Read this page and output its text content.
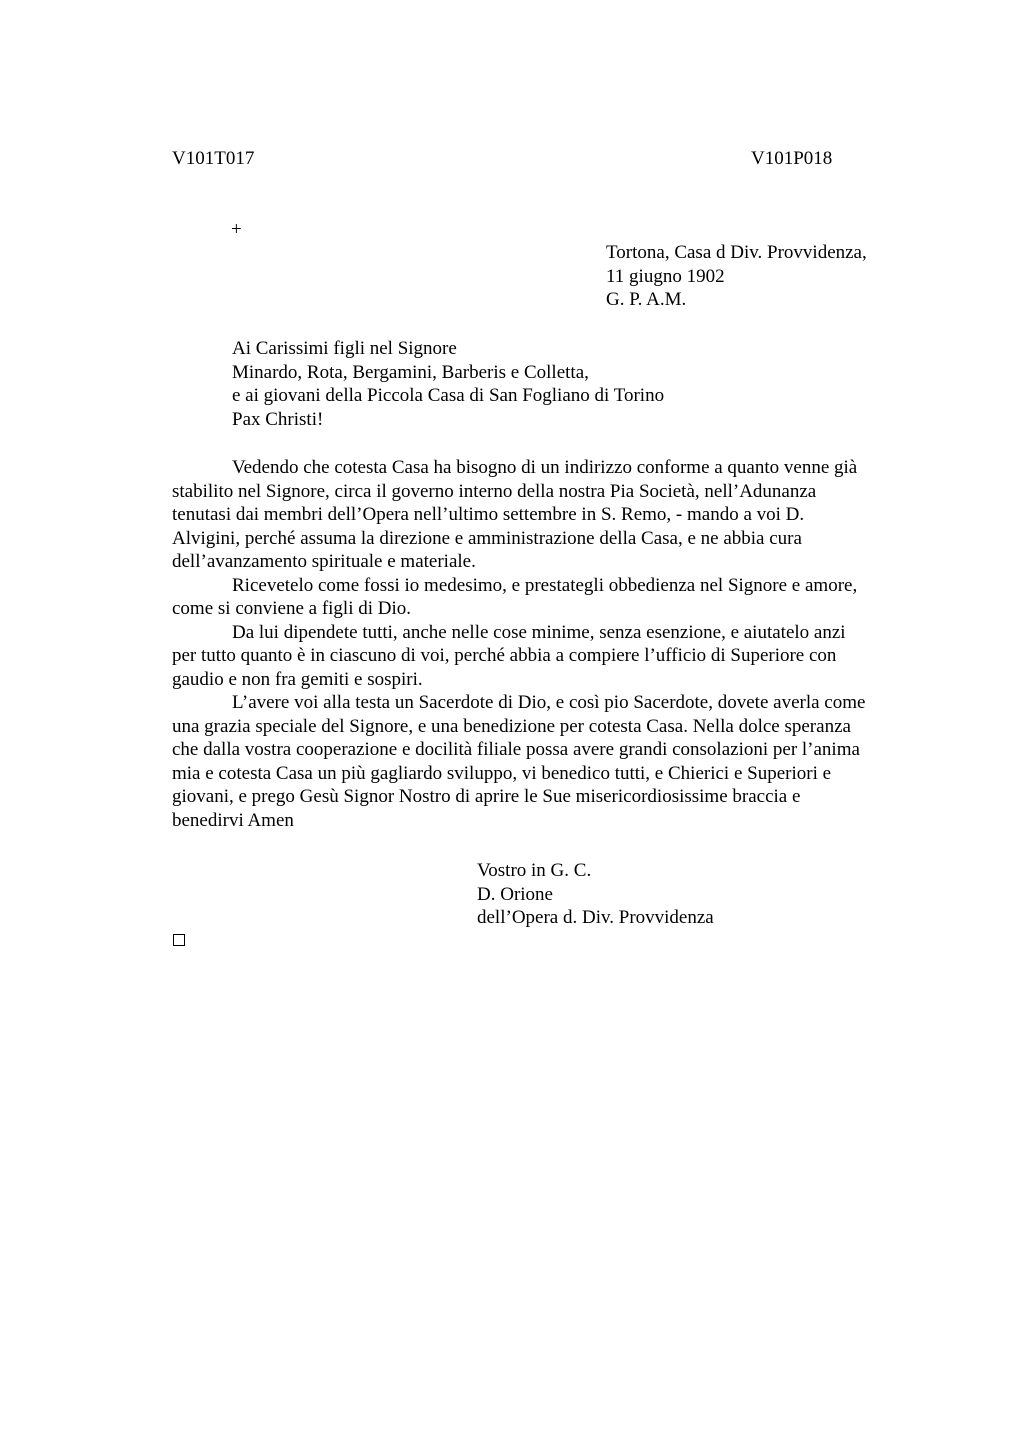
V101T017	V101P018
+
Tortona, Casa d Div. Provvidenza,
11 giugno 1902
G. P. A.M.
Ai Carissimi figli nel Signore
Minardo, Rota, Bergamini, Barberis e Colletta,
e ai giovani della Piccola Casa di San Fogliano di Torino
Pax Christi!
Vedendo che cotesta Casa ha bisogno di un indirizzo conforme a quanto venne già
stabilito nel Signore, circa il governo interno della nostra Pia Società, nell’Adunanza
tenutasi dai membri dell’Opera nell’ultimo settembre in S. Remo, - mando a voi D.
Alvigini, perché assuma la direzione e amministrazione della Casa, e ne abbia cura
dell’avanzamento spirituale e materiale.
Ricevetelo come fossi io medesimo, e prestategli obbedienza nel Signore e amore,
come si conviene a figli di Dio.
Da lui dipendete tutti, anche nelle cose minime, senza esenzione, e aiutatelo anzi
per tutto quanto è in ciascuno di voi, perché abbia a compiere l’ufficio di Superiore con
gaudio e non fra gemiti e sospiri.
L’avere voi alla testa un Sacerdote di Dio, e così pio Sacerdote, dovete averla come
una grazia speciale del Signore, e una benedizione per cotesta Casa. Nella dolce speranza
che dalla vostra cooperazione e docilità filiale possa avere grandi consolazioni per l’anima
mia e cotesta Casa un più gagliardo sviluppo, vi benedico tutti, e Chierici e Superiori e
giovani, e prego Gesù Signor Nostro di aprire le Sue misericordiosissime braccia e
benedirvi Amen
Vostro in G. C.
D. Orione
dell’Opera d. Div. Provvidenza
